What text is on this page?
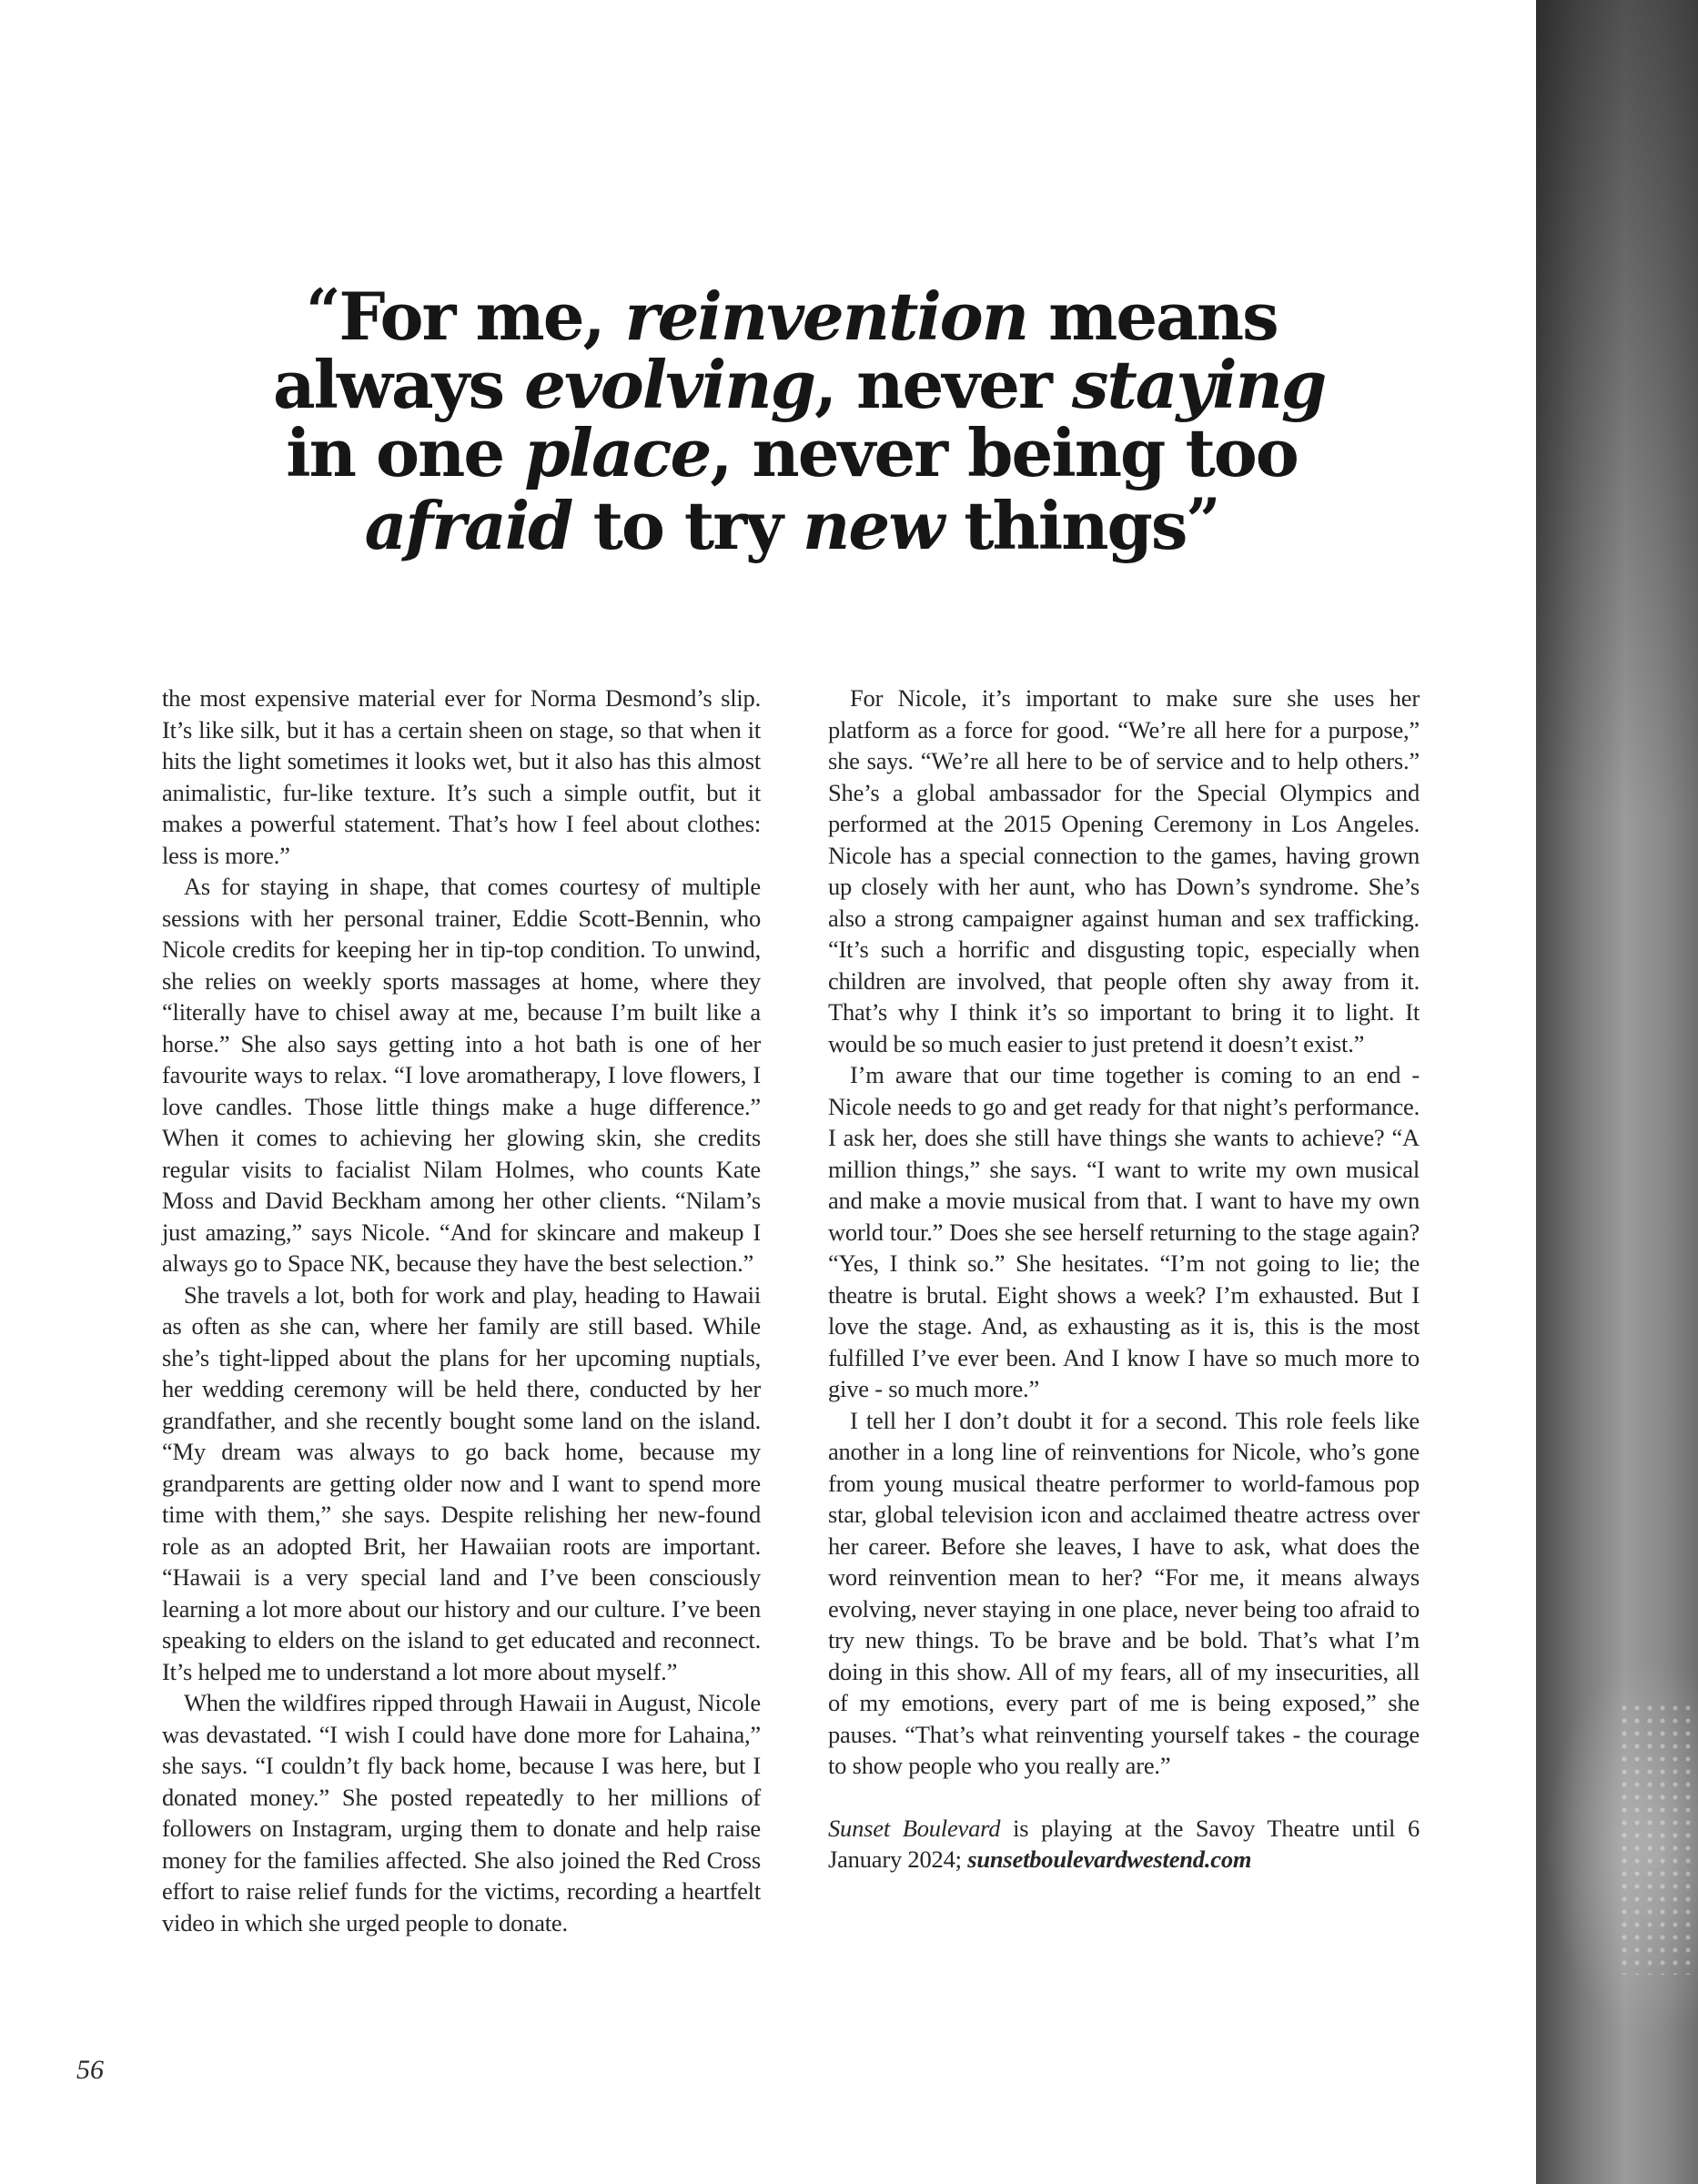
“For me, reinvention means
always evolving, never staying
in one place, never being too
afraid to try new things”

the most expensive material ever for Norma Desmond’s slip. It’s like silk, but it has a certain sheen on stage, so that when it hits the light sometimes it looks wet, but it also has this almost animalistic, fur-like texture. It’s such a simple outfit, but it makes a powerful statement. That’s how I feel about clothes: less is more.”

As for staying in shape, that comes courtesy of multiple sessions with her personal trainer, Eddie Scott-Bennin, who Nicole credits for keeping her in tip-top condition. To unwind, she relies on weekly sports massages at home, where they “literally have to chisel away at me, because I’m built like a horse.” She also says getting into a hot bath is one of her favourite ways to relax. “I love aromatherapy, I love flowers, I love candles. Those little things make a huge difference.” When it comes to achieving her glowing skin, she credits regular visits to facialist Nilam Holmes, who counts Kate Moss and David Beckham among her other clients. “Nilam’s just amazing,” says Nicole. “And for skincare and makeup I always go to Space NK, because they have the best selection.”

She travels a lot, both for work and play, heading to Hawaii as often as she can, where her family are still based. While she’s tight-lipped about the plans for her upcoming nuptials, her wedding ceremony will be held there, conducted by her grandfather, and she recently bought some land on the island. “My dream was always to go back home, because my grandparents are getting older now and I want to spend more time with them,” she says. Despite relishing her new-found role as an adopted Brit, her Hawaiian roots are important. “Hawaii is a very special land and I’ve been consciously learning a lot more about our history and our culture. I’ve been speaking to elders on the island to get educated and reconnect. It’s helped me to understand a lot more about myself.”

When the wildfires ripped through Hawaii in August, Nicole was devastated. “I wish I could have done more for Lahaina,” she says. “I couldn’t fly back home, because I was here, but I donated money.” She posted repeatedly to her millions of followers on Instagram, urging them to donate and help raise money for the families affected. She also joined the Red Cross effort to raise relief funds for the victims, recording a heartfelt video in which she urged people to donate.

For Nicole, it’s important to make sure she uses her platform as a force for good. “We’re all here for a purpose,” she says. “We’re all here to be of service and to help others.” She’s a global ambassador for the Special Olympics and performed at the 2015 Opening Ceremony in Los Angeles. Nicole has a special connection to the games, having grown up closely with her aunt, who has Down’s syndrome. She’s also a strong campaigner against human and sex trafficking. “It’s such a horrific and disgusting topic, especially when children are involved, that people often shy away from it. That’s why I think it’s so important to bring it to light. It would be so much easier to just pretend it doesn’t exist.”

I’m aware that our time together is coming to an end - Nicole needs to go and get ready for that night’s performance. I ask her, does she still have things she wants to achieve? “A million things,” she says. “I want to write my own musical and make a movie musical from that. I want to have my own world tour.” Does she see herself returning to the stage again? “Yes, I think so.” She hesitates. “I’m not going to lie; the theatre is brutal. Eight shows a week? I’m exhausted. But I love the stage. And, as exhausting as it is, this is the most fulfilled I’ve ever been. And I know I have so much more to give - so much more.”

I tell her I don’t doubt it for a second. This role feels like another in a long line of reinventions for Nicole, who’s gone from young musical theatre performer to world-famous pop star, global television icon and acclaimed theatre actress over her career. Before she leaves, I have to ask, what does the word reinvention mean to her? “For me, it means always evolving, never staying in one place, never being too afraid to try new things. To be brave and be bold. That’s what I’m doing in this show. All of my fears, all of my insecurities, all of my emotions, every part of me is being exposed,” she pauses. “That’s what reinventing yourself takes - the courage to show people who you really are.”

Sunset Boulevard is playing at the Savoy Theatre until 6 January 2024; sunsetboulevardwestend.com

56
